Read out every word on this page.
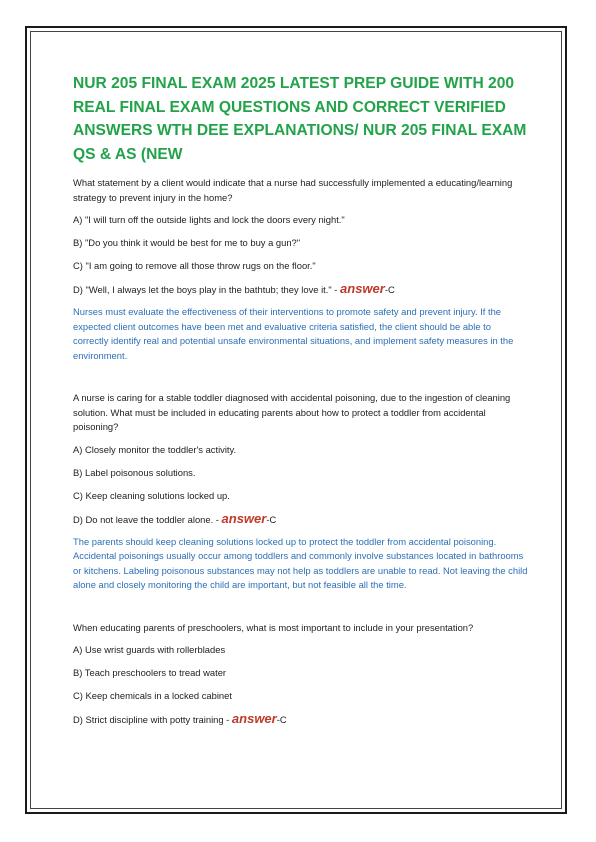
NUR 205 FINAL EXAM 2025 LATEST PREP GUIDE WITH 200 REAL FINAL EXAM QUESTIONS AND CORRECT VERIFIED ANSWERS WTH DEE EXPLANATIONS/ NUR 205 FINAL EXAM QS & AS (NEW
What statement by a client would indicate that a nurse had successfully implemented a educating/learning strategy to prevent injury in the home?
A) "I will turn off the outside lights and lock the doors every night."
B) "Do you think it would be best for me to buy a gun?"
C) "I am going to remove all those throw rugs on the floor."
D) "Well, I always let the boys play in the bathtub; they love it." - answer-C
Nurses must evaluate the effectiveness of their interventions to promote safety and prevent injury. If the expected client outcomes have been met and evaluative criteria satisfied, the client should be able to correctly identify real and potential unsafe environmental situations, and implement safety measures in the environment.
A nurse is caring for a stable toddler diagnosed with accidental poisoning, due to the ingestion of cleaning solution. What must be included in educating parents about how to protect a toddler from accidental poisoning?
A) Closely monitor the toddler's activity.
B) Label poisonous solutions.
C) Keep cleaning solutions locked up.
D) Do not leave the toddler alone. - answer-C
The parents should keep cleaning solutions locked up to protect the toddler from accidental poisoning. Accidental poisonings usually occur among toddlers and commonly involve substances located in bathrooms or kitchens. Labeling poisonous substances may not help as toddlers are unable to read. Not leaving the child alone and closely monitoring the child are important, but not feasible all the time.
When educating parents of preschoolers, what is most important to include in your presentation?
A) Use wrist guards with rollerblades
B) Teach preschoolers to tread water
C) Keep chemicals in a locked cabinet
D) Strict discipline with potty training - answer-C
